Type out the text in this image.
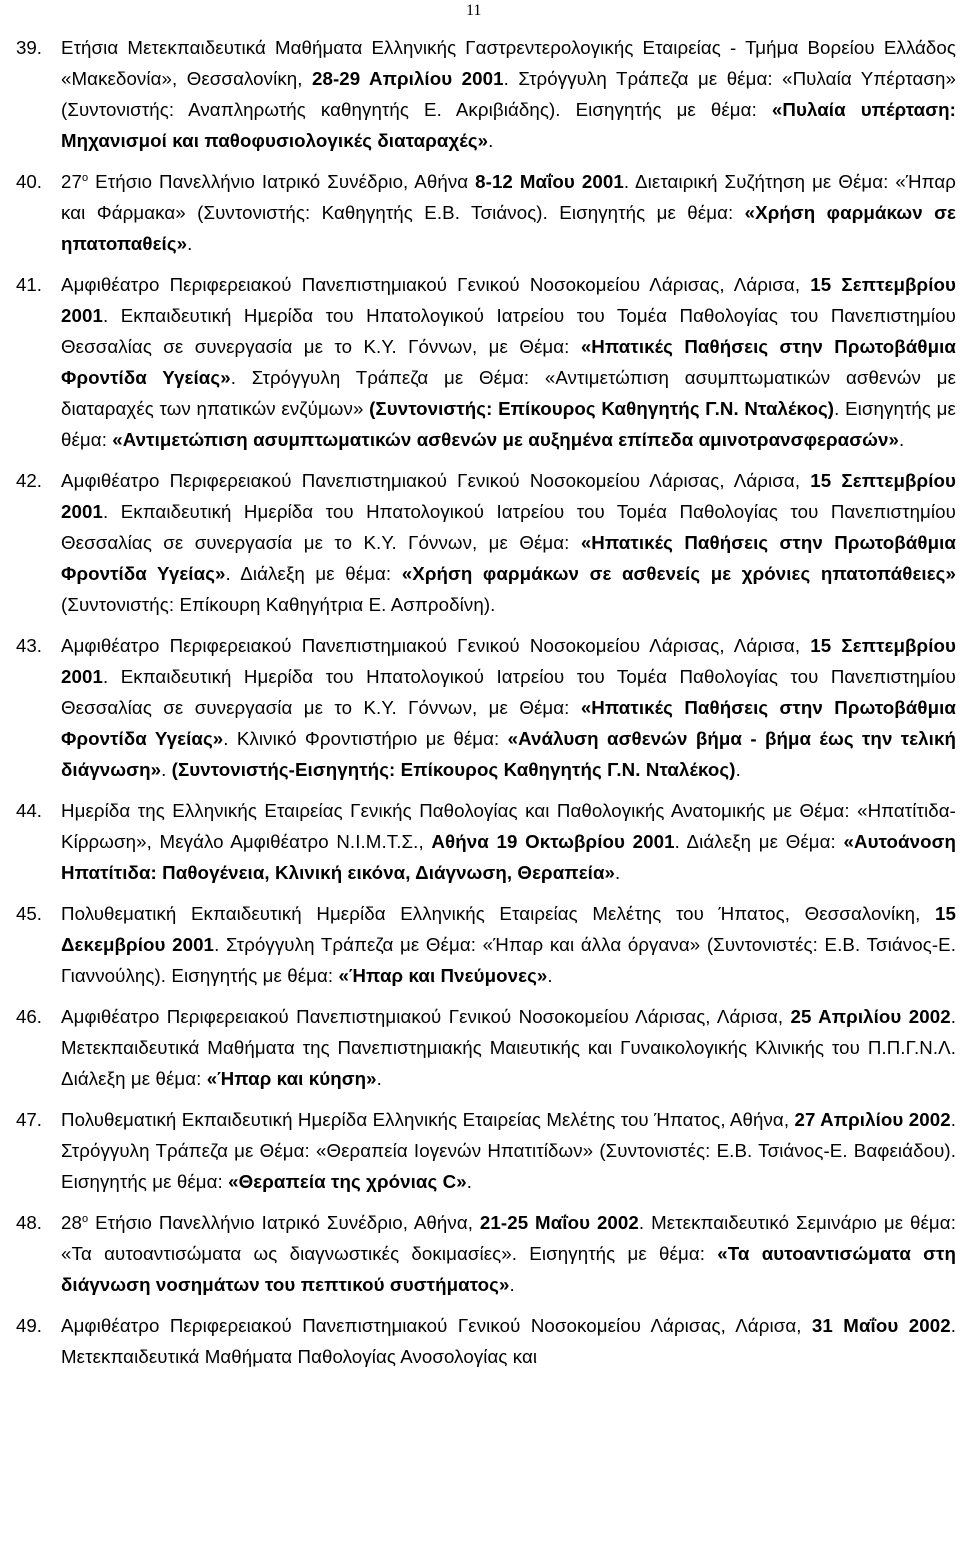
11
39.	Ετήσια Μετεκπαιδευτικά Μαθήματα Ελληνικής Γαστρεντερολογικής Εταιρείας - Τμήμα Βορείου Ελλάδος «Μακεδονία», Θεσσαλονίκη, 28-29 Απριλίου 2001. Στρόγγυλη Τράπεζα με θέμα: «Πυλαία Υπέρταση» (Συντονιστής: Αναπληρωτής καθηγητής Ε. Ακριβιάδης). Εισηγητής με θέμα: «Πυλαία υπέρταση: Μηχανισμοί και παθοφυσιολογικές διαταραχές».
40.	$27^o$ Ετήσιο Πανελλήνιο Ιατρικό Συνέδριο, Αθήνα 8-12 Μαΐου 2001. Διεταιρική Συζήτηση με Θέμα: «Ήπαρ και Φάρμακα» (Συντονιστής: Καθηγητής Ε.Β. Τσιάνος). Εισηγητής με θέμα: «Χρήση φαρμάκων σε ηπατοπαθείς».
41.	Αμφιθέατρο Περιφερειακού Πανεπιστημιακού Γενικού Νοσοκομείου Λάρισας, Λάρισα, 15 Σεπτεμβρίου 2001. Εκπαιδευτική Ημερίδα του Ηπατολογικού Ιατρείου του Τομέα Παθολογίας του Πανεπιστημίου Θεσσαλίας σε συνεργασία με το Κ.Υ. Γόννων, με Θέμα: «Ηπατικές Παθήσεις στην Πρωτοβάθμια Φροντίδα Υγείας». Στρόγγυλη Τράπεζα με Θέμα: «Αντιμετώπιση ασυμπτωματικών ασθενών με διαταραχές των ηπατικών ενζύμων» (Συντονιστής: Επίκουρος Καθηγητής Γ.Ν. Νταλέκος). Εισηγητής με θέμα: «Αντιμετώπιση ασυμπτωματικών ασθενών με αυξημένα επίπεδα αμινοτρανσφερασών».
42.	Αμφιθέατρο Περιφερειακού Πανεπιστημιακού Γενικού Νοσοκομείου Λάρισας, Λάρισα, 15 Σεπτεμβρίου 2001. Εκπαιδευτική Ημερίδα του Ηπατολογικού Ιατρείου του Τομέα Παθολογίας του Πανεπιστημίου Θεσσαλίας σε συνεργασία με το Κ.Υ. Γόννων, με Θέμα: «Ηπατικές Παθήσεις στην Πρωτοβάθμια Φροντίδα Υγείας». Διάλεξη με θέμα: «Χρήση φαρμάκων σε ασθενείς με χρόνιες ηπατοπάθειες» (Συντονιστής: Επίκουρη Καθηγήτρια Ε. Ασπροδίνη).
43.	Αμφιθέατρο Περιφερειακού Πανεπιστημιακού Γενικού Νοσοκομείου Λάρισας, Λάρισα, 15 Σεπτεμβρίου 2001. Εκπαιδευτική Ημερίδα του Ηπατολογικού Ιατρείου του Τομέα Παθολογίας του Πανεπιστημίου Θεσσαλίας σε συνεργασία με το Κ.Υ. Γόννων, με Θέμα: «Ηπατικές Παθήσεις στην Πρωτοβάθμια Φροντίδα Υγείας». Κλινικό Φροντιστήριο με θέμα: «Ανάλυση ασθενών βήμα - βήμα έως την τελική διάγνωση». (Συντονιστής-Εισηγητής: Επίκουρος Καθηγητής Γ.Ν. Νταλέκος).
44.	Ημερίδα της Ελληνικής Εταιρείας Γενικής Παθολογίας και Παθολογικής Ανατομικής με Θέμα: «Ηπατίτιδα-Κίρρωση», Μεγάλο Αμφιθέατρο Ν.Ι.Μ.Τ.Σ., Αθήνα 19 Οκτωβρίου 2001. Διάλεξη με Θέμα: «Αυτοάνοση Ηπατίτιδα: Παθογένεια, Κλινική εικόνα, Διάγνωση, Θεραπεία».
45.	Πολυθεματική Εκπαιδευτική Ημερίδα Ελληνικής Εταιρείας Μελέτης του Ήπατος, Θεσσαλονίκη, 15 Δεκεμβρίου 2001. Στρόγγυλη Τράπεζα με Θέμα: «Ήπαρ και άλλα όργανα» (Συντονιστές: Ε.Β. Τσιάνος-Ε. Γιαννούλης). Εισηγητής με θέμα: «Ήπαρ και Πνεύμονες».
46.	Αμφιθέατρο Περιφερειακού Πανεπιστημιακού Γενικού Νοσοκομείου Λάρισας, Λάρισα, 25 Απριλίου 2002. Μετεκπαιδευτικά Μαθήματα της Πανεπιστημιακής Μαιευτικής και Γυναικολογικής Κλινικής του Π.Π.Γ.Ν.Λ. Διάλεξη με θέμα: «Ήπαρ και κύηση».
47.	Πολυθεματική Εκπαιδευτική Ημερίδα Ελληνικής Εταιρείας Μελέτης του Ήπατος, Αθήνα, 27 Απριλίου 2002. Στρόγγυλη Τράπεζα με Θέμα: «Θεραπεία Ιογενών Ηπατιτίδων» (Συντονιστές: Ε.Β. Τσιάνος-Ε. Βαφειάδου). Εισηγητής με θέμα: «Θεραπεία της χρόνιας C».
48.	$28^o$ Ετήσιο Πανελλήνιο Ιατρικό Συνέδριο, Αθήνα, 21-25 Μαΐου 2002. Μετεκπαιδευτικό Σεμινάριο με θέμα: «Τα αυτοαντισώματα ως διαγνωστικές δοκιμασίες». Εισηγητής με θέμα: «Τα αυτοαντισώματα στη διάγνωση νοσημάτων του πεπτικού συστήματος».
49.	Αμφιθέατρο Περιφερειακού Πανεπιστημιακού Γενικού Νοσοκομείου Λάρισας, Λάρισα, 31 Μαΐου 2002. Μετεκπαιδευτικά Μαθήματα Παθολογίας Ανοσολογίας και
